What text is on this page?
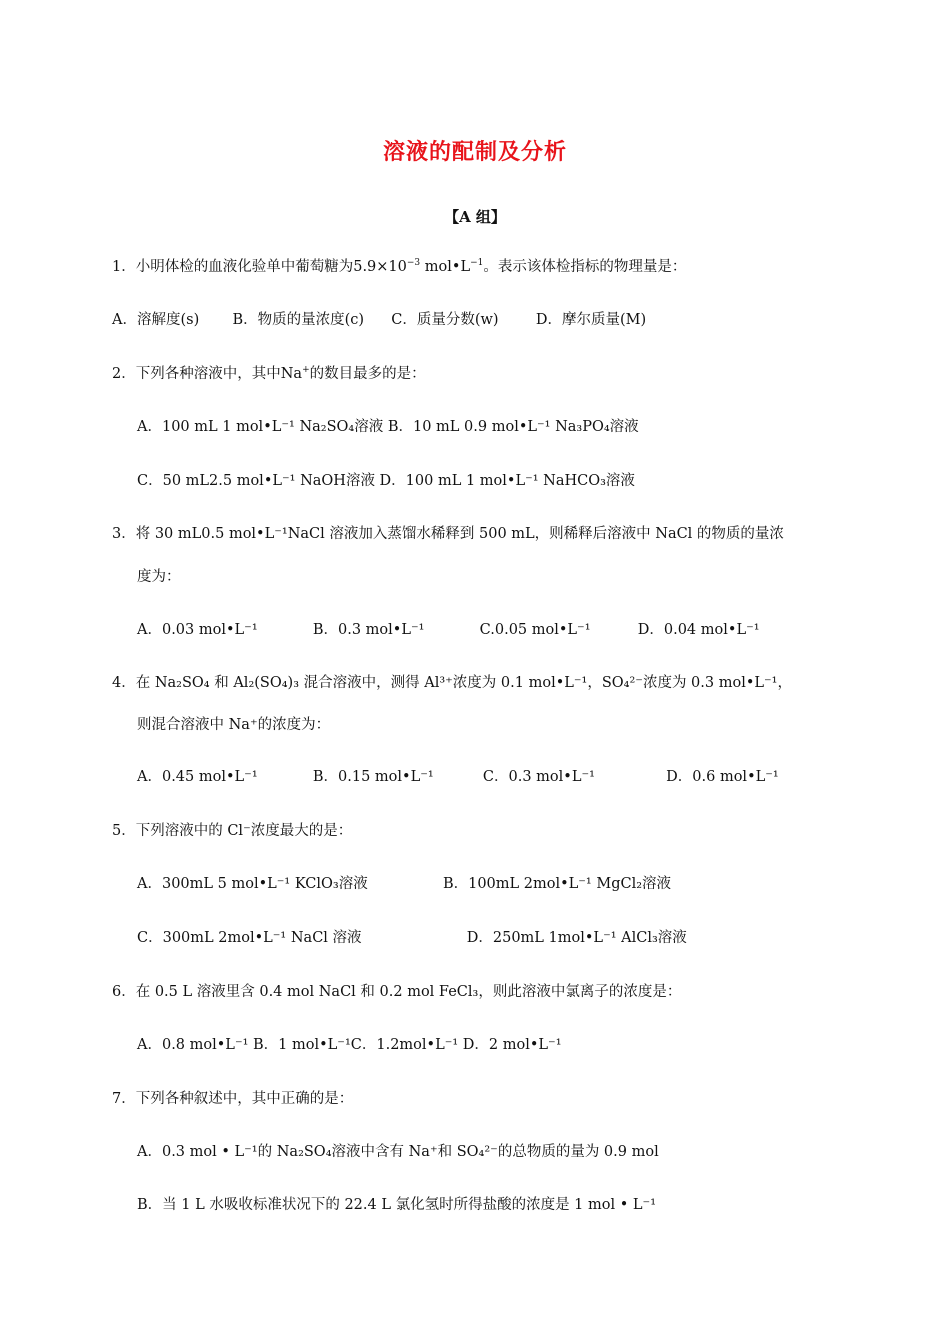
溶液的配制及分析
【A 组】
1．小明体检的血液化验单中葡萄糖为$5.9\times 10^{-3}$ $mol•L^{-1}$。表示该体检指标的物理量是：
A．溶解度(s) B．物质的量浓度(c) C．质量分数(w)	D．摩尔质量(M)
2．下列各种溶液中，其中Na+的数目最多的是：
A．100 mL 1 mol•L⁻¹ Na₂SO₄溶液 B．10 mL 0.9 mol•L⁻¹ Na₃PO₄溶液
C．50 mL2.5 mol•L⁻¹ NaOH溶液 D．100 mL 1 mol•L⁻¹ NaHCO₃溶液
3．将 30 mL0.5 mol•L⁻¹NaCl 溶液加入蒸馏水稀释到 500 mL，则稀释后溶液中 NaCl 的物质的量浓
度为：
A．0.03 mol•L⁻¹	B．0.3 mol•L⁻¹	C.0.05 mol•L⁻¹	D．0.04 mol•L⁻¹
4．在 Na₂SO₄ 和 Al₂(SO₄)₃ 混合溶液中，测得 Al³⁺浓度为 0.1 mol•L⁻¹，SO₄²⁻浓度为 0.3 mol•L⁻¹，
则混合溶液中 Na⁺的浓度为：
A．0.45 mol•L⁻¹	B．0.15 mol•L⁻¹	C．0.3 mol•L⁻¹	D．0.6 mol•L⁻¹
5．下列溶液中的 Cl⁻浓度最大的是：
A．300mL 5 mol•L⁻¹ KClO₃溶液	B．100mL 2mol•L⁻¹ MgCl₂溶液
C．300mL 2mol•L⁻¹ NaCl 溶液	D．250mL 1mol•L⁻¹ AlCl₃溶液
6．在 0.5 L 溶液里含 0.4 mol NaCl 和 0.2 mol FeCl₃，则此溶液中氯离子的浓度是：
A．0.8 mol•L⁻¹ B．1 mol•L⁻¹C．1.2mol•L⁻¹ D．2 mol•L⁻¹
7．下列各种叙述中，其中正确的是：
A．0.3 mol • L⁻¹的 Na₂SO₄溶液中含有 Na⁺和 SO₄²⁻的总物质的量为 0.9 mol
B．当 1 L 水吸收标准状况下的 22.4 L 氯化氢时所得盐酸的浓度是 1 mol • L⁻¹
